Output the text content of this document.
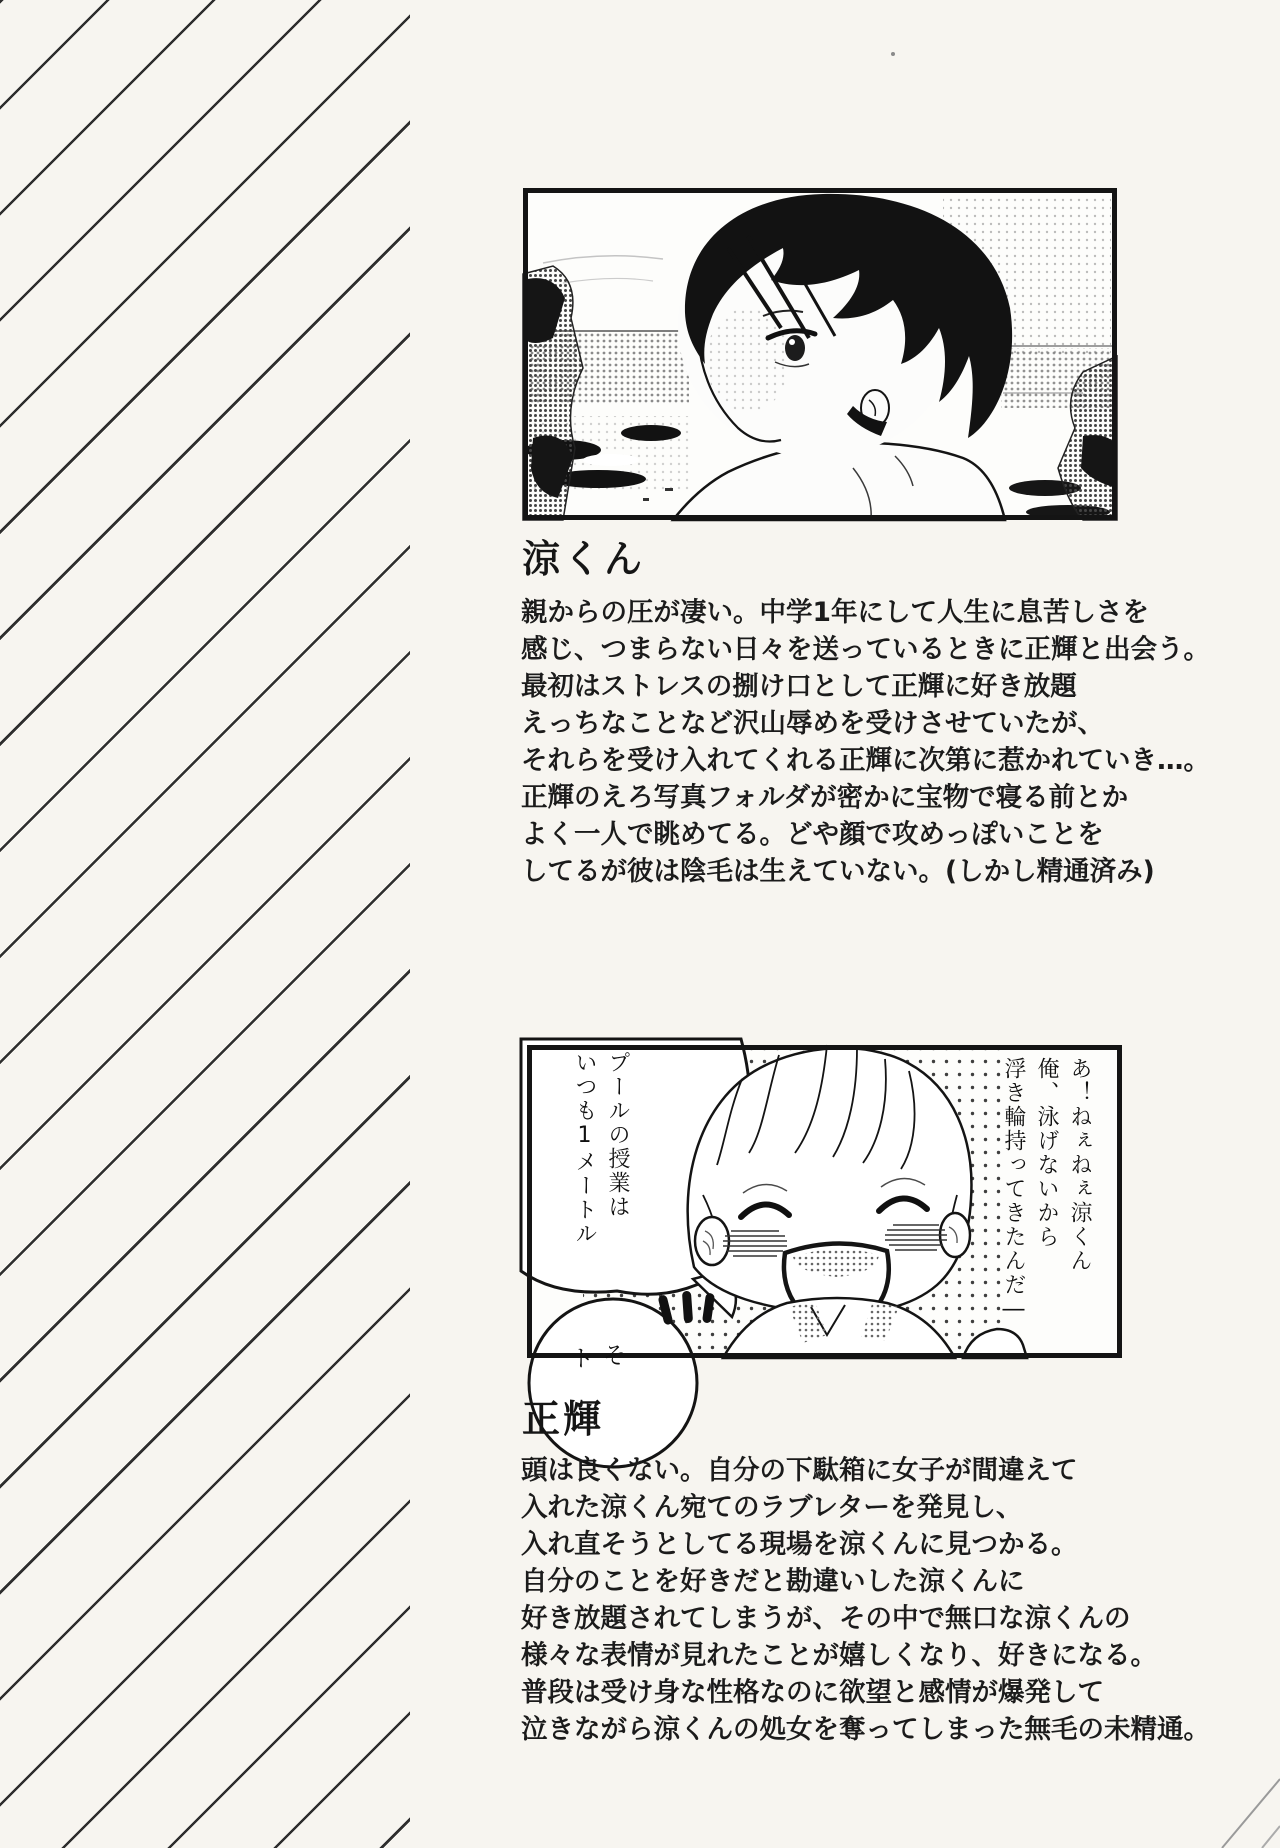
涼くん
親からの圧が凄い。中学1年にして人生に息苦しさを
感じ、つまらない日々を送っているときに正輝と出会う。
最初はストレスの捌け口として正輝に好き放題
えっちなことなど沢山辱めを受けさせていたが、
それらを受け入れてくれる正輝に次第に惹かれていき…。
正輝のえろ写真フォルダが密かに宝物で寝る前とか
よく一人で眺めてる。どや顔で攻めっぽいことを
してるが彼は陰毛は生えていない。(しかし精通済み)
あ！ねぇねぇ涼くん
俺、泳げないから
浮き輪持ってきたんだ―
プールの授業は
いつも1メートル
ト そ
正輝
頭は良くない。自分の下駄箱に女子が間違えて
入れた涼くん宛てのラブレターを発見し、
入れ直そうとしてる現場を涼くんに見つかる。
自分のことを好きだと勘違いした涼くんに
好き放題されてしまうが、その中で無口な涼くんの
様々な表情が見れたことが嬉しくなり、好きになる。
普段は受け身な性格なのに欲望と感情が爆発して
泣きながら涼くんの処女を奪ってしまった無毛の未精通。
